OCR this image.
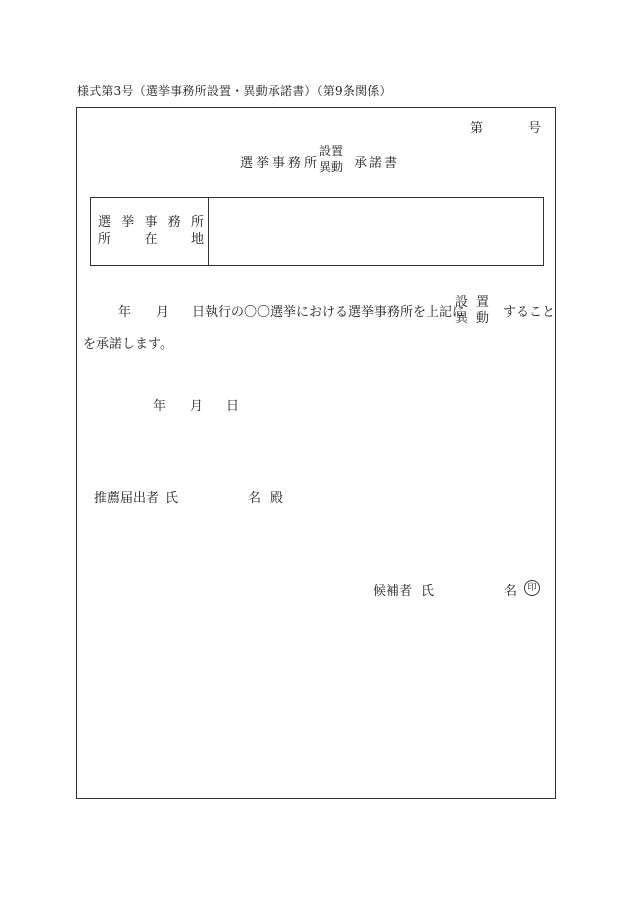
様式第3号（選挙事務所設置・異動承諾書）（第9条関係）
第	号
選挙事務所
設置
異動 承諾書
選 挙 事 務 所
所	在	地
年 月 日執行の〇〇選挙における選挙事務所を上記に
設置
異動 すること
を承諾します。
年 月 日
推薦届出者 氏	名 殿
候補者 氏	名	印
